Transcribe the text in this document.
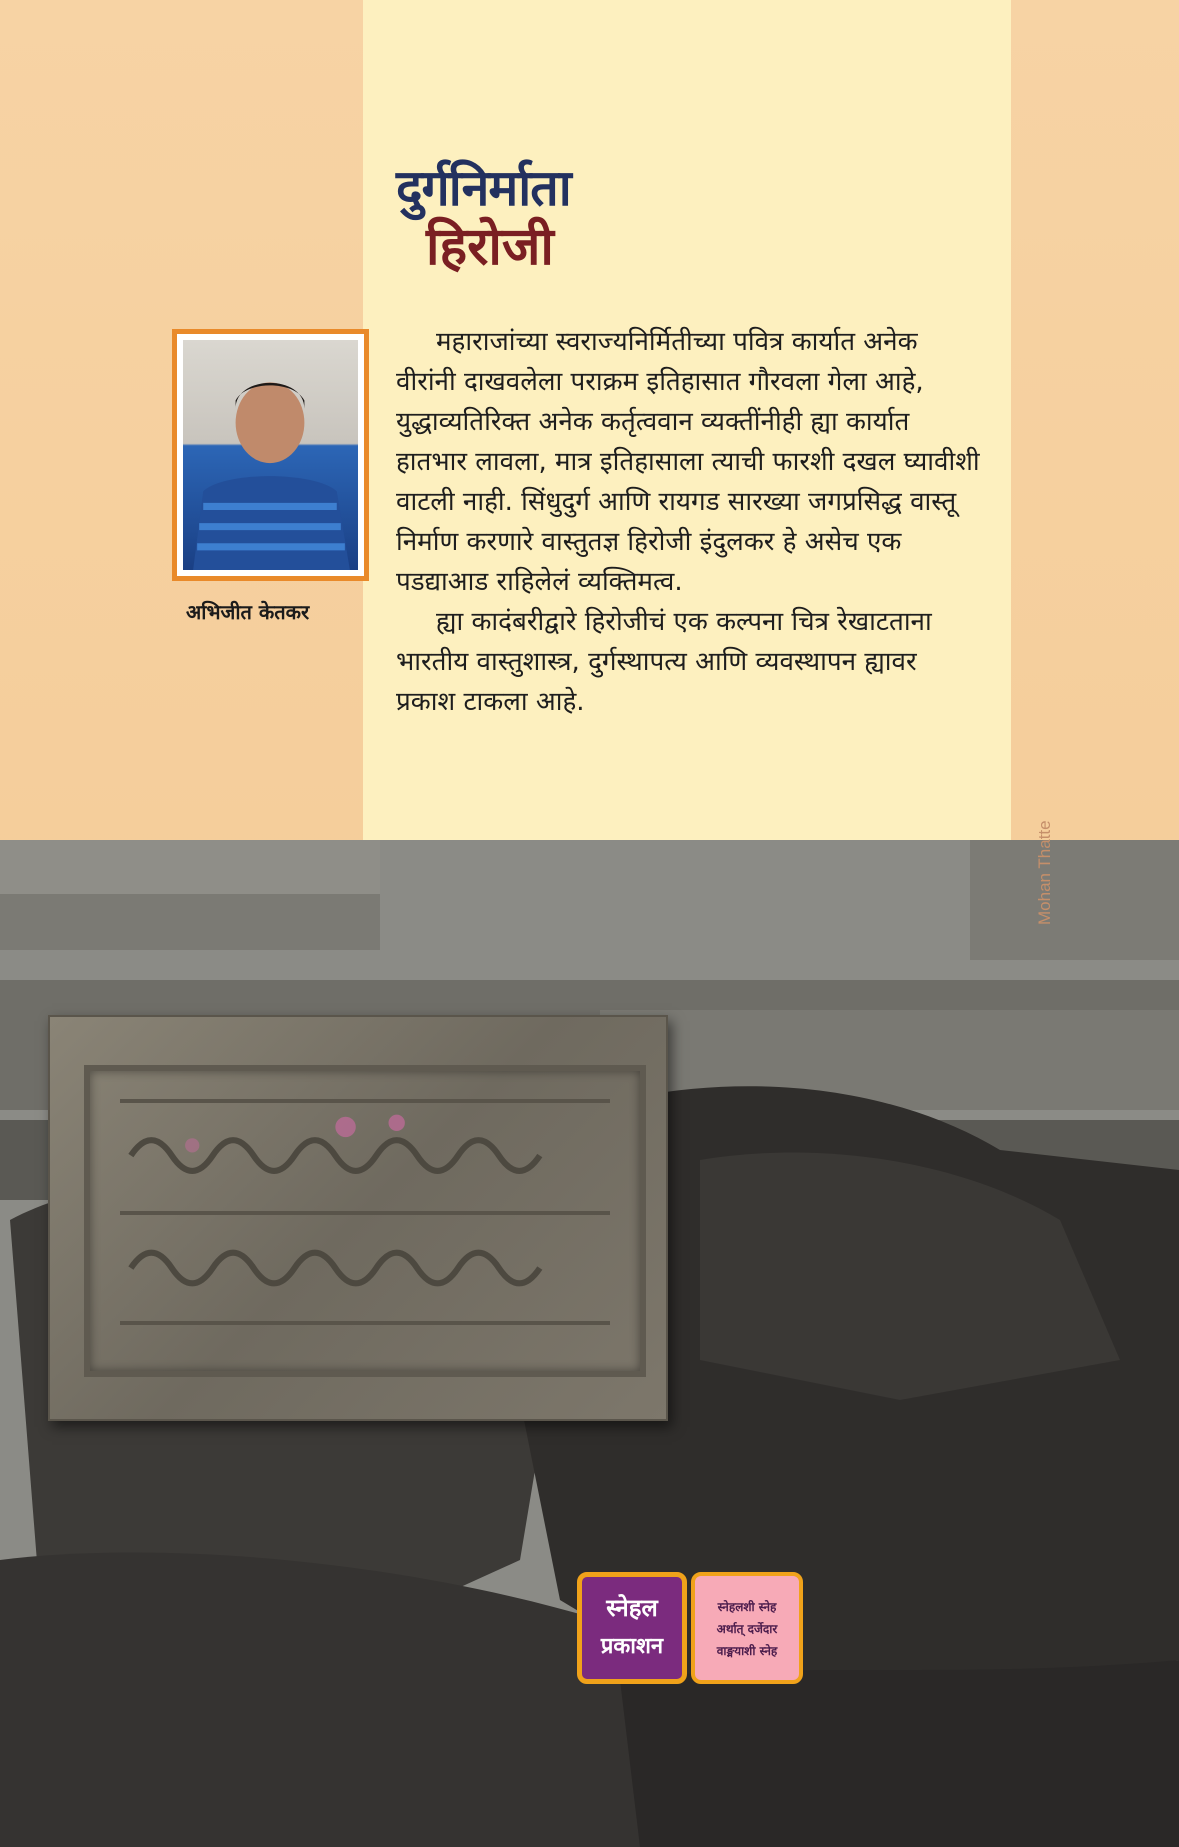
दुर्गनिर्माता
हिरोजी
अभिजीत केतकर

महाराजांच्या स्वराज्यनिर्मितीच्या पवित्र कार्यात अनेक वीरांनी दाखवलेला पराक्रम इतिहासात गौरवला गेला आहे, युद्धाव्यतिरिक्त अनेक कर्तृत्ववान व्यक्तींनीही ह्या कार्यात हातभार लावला, मात्र इतिहासाला त्याची फारशी दखल घ्यावीशी वाटली नाही. सिंधुदुर्ग आणि रायगड सारख्या जगप्रसिद्ध वास्तू निर्माण करणारे वास्तुतज्ञ हिरोजी इंदुलकर हे असेच एक पडद्याआड राहिलेलं व्यक्तिमत्व.

ह्या कादंबरीद्वारे हिरोजीचं एक कल्पना चित्र रेखाटताना भारतीय वास्तुशास्त्र, दुर्गस्थापत्य आणि व्यवस्थापन ह्यावर प्रकाश टाकला आहे.

Mohan Thatte
स्नेहल
प्रकाशन
स्नेहलशी स्नेह
अर्थात् दर्जेदार
वाङ्मयाशी स्नेह
